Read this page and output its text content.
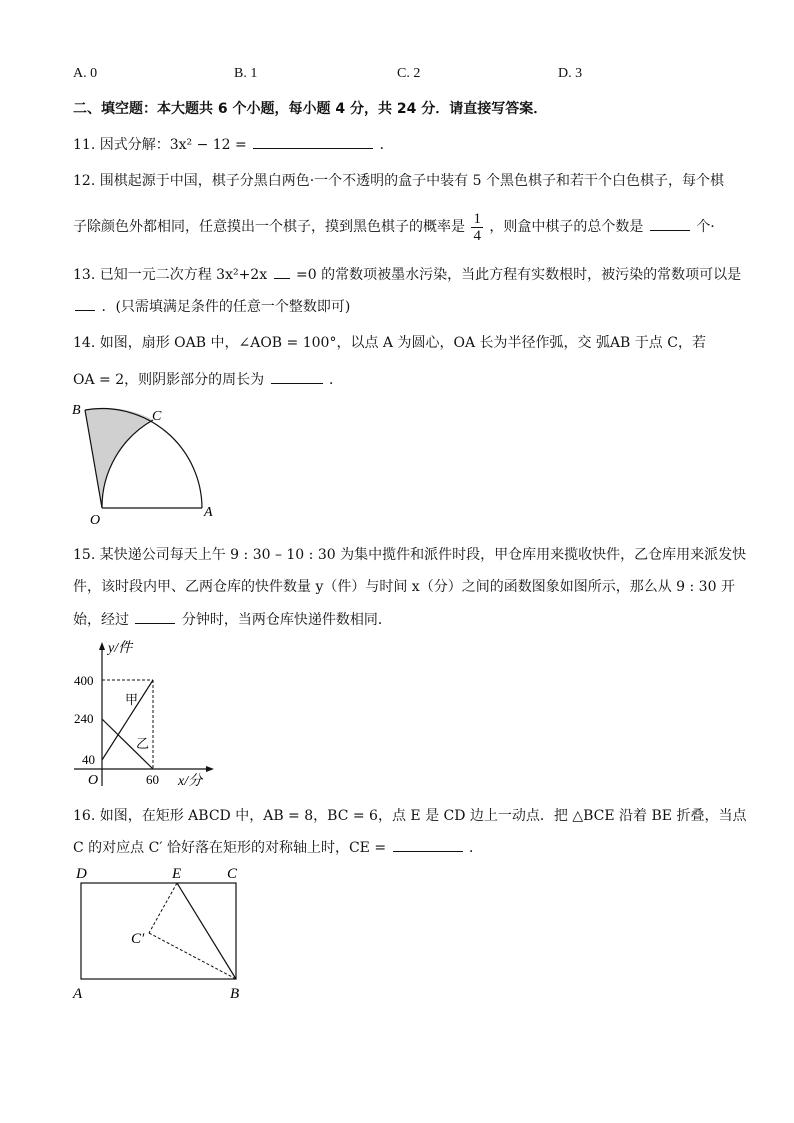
A. 0	B. 1	C. 2	D. 3
二、填空题：本大题共 6 个小题，每小题 4 分，共 24 分．请直接写答案．
11. 因式分解：3x² − 12 =	．
12. 围棋起源于中国，棋子分黑白两色·一个不透明的盒子中装有 5 个黑色棋子和若干个白色棋子，每个棋
子除颜色外都相同，任意摸出一个棋子，摸到黑色棋子的概率是 $\frac{1}{4}$ ，则盒中棋子的总个数是	个·
13. 已知一元二次方程 3x²+2x =0 的常数项被墨水污染，当此方程有实数根时，被污染的常数项可以是
．(只需填满足条件的任意一个整数即可)
14. 如图，扇形 OAB 中，∠AOB = 100°，以点 A 为圆心，OA 长为半径作弧，交 弧AB 于点 C，若
OA = 2，则阴影部分的周长为	．
B	C
O
A
15. 某快递公司每天上午 9 : 30 – 10 : 30 为集中揽件和派件时段，甲仓库用来揽收快件，乙仓库用来派发快
件，该时段内甲、乙两仓库的快件数量 y（件）与时间 x（分）之间的函数图象如图所示，那么从 9 : 30 开
始，经过	分钟时，当两仓库快递件数相同．
y/件
400
240
40
O	60 x/分
甲
乙
16. 如图，在矩形 ABCD 中，AB = 8，BC = 6，点 E 是 CD 边上一动点．把 △BCE 沿着 BE 折叠，当点
C 的对应点 C′ 恰好落在矩形的对称轴上时，CE =	．
D	E	C
C′
A	B
